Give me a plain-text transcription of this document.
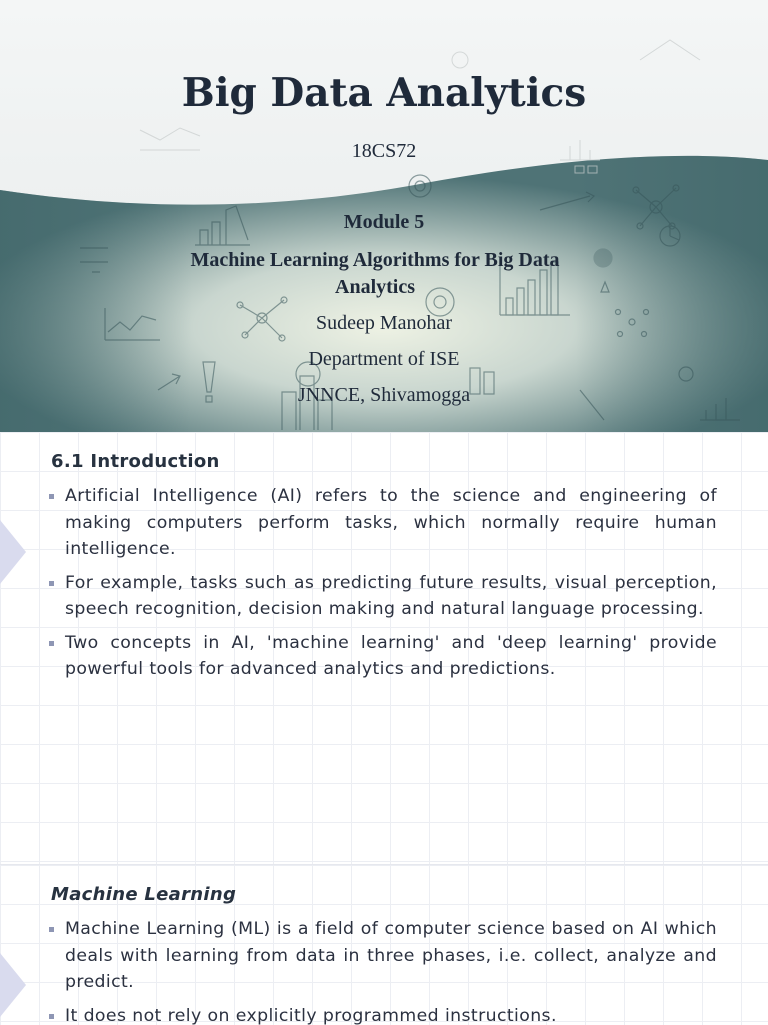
Big Data Analytics
18CS72
Module 5
Machine Learning Algorithms for Big Data Analytics
Sudeep Manohar
Department of ISE
JNNCE, Shivamogga
6.1 Introduction
Artificial Intelligence (AI) refers to the science and engineering of making computers perform tasks, which normally require human intelligence.
For example, tasks such as predicting future results, visual perception, speech recognition, decision making and natural language processing.
Two concepts in AI, 'machine learning' and 'deep learning' provide powerful tools for advanced analytics and predictions.
Machine Learning
Machine Learning (ML) is a field of computer science based on AI which deals with learning from data in three phases, i.e. collect, analyze and predict.
It does not rely on explicitly programmed instructions.
